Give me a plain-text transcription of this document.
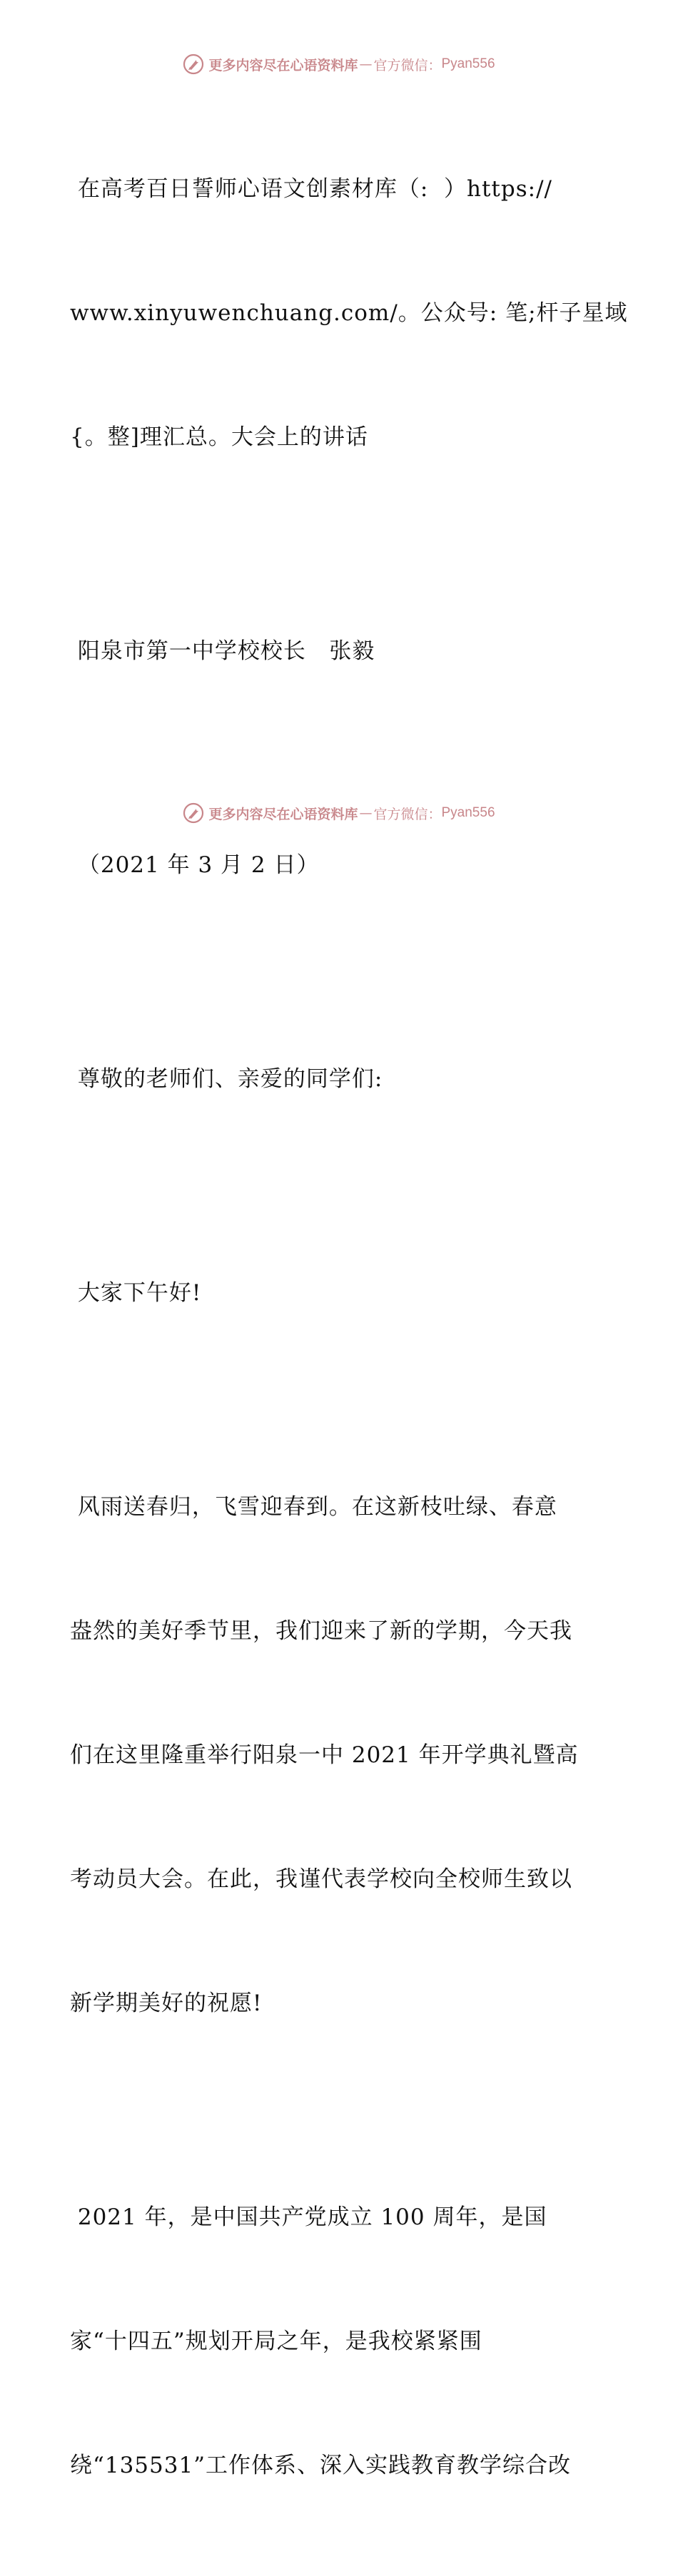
更多内容尽在心语资料库 — 官方微信： Pyan556

在高考百日誓师心语文创素材库（:  ）https://

www.xinyuwenchuang.com/。公众号: 笔;杆子星域

{。整]理汇总。大会上的讲话

阳泉市第一中学校校长   张毅

（2021 年 3 月 2 日）

尊敬的老师们、亲爱的同学们:

大家下午好!

风雨送春归，飞雪迎春到。在这新枝吐绿、春意

盎然的美好季节里，我们迎来了新的学期，今天我

们在这里隆重举行阳泉一中 2021 年开学典礼暨高

考动员大会。在此，我谨代表学校向全校师生致以

新学期美好的祝愿!

2021 年，是中国共产党成立 100 周年，是国

家“十四五”规划开局之年，是我校紧紧围

绕“135531”工作体系、深入实践教育教学综合改

更多内容尽在心语资料库 — 官方微信： Pyan556
